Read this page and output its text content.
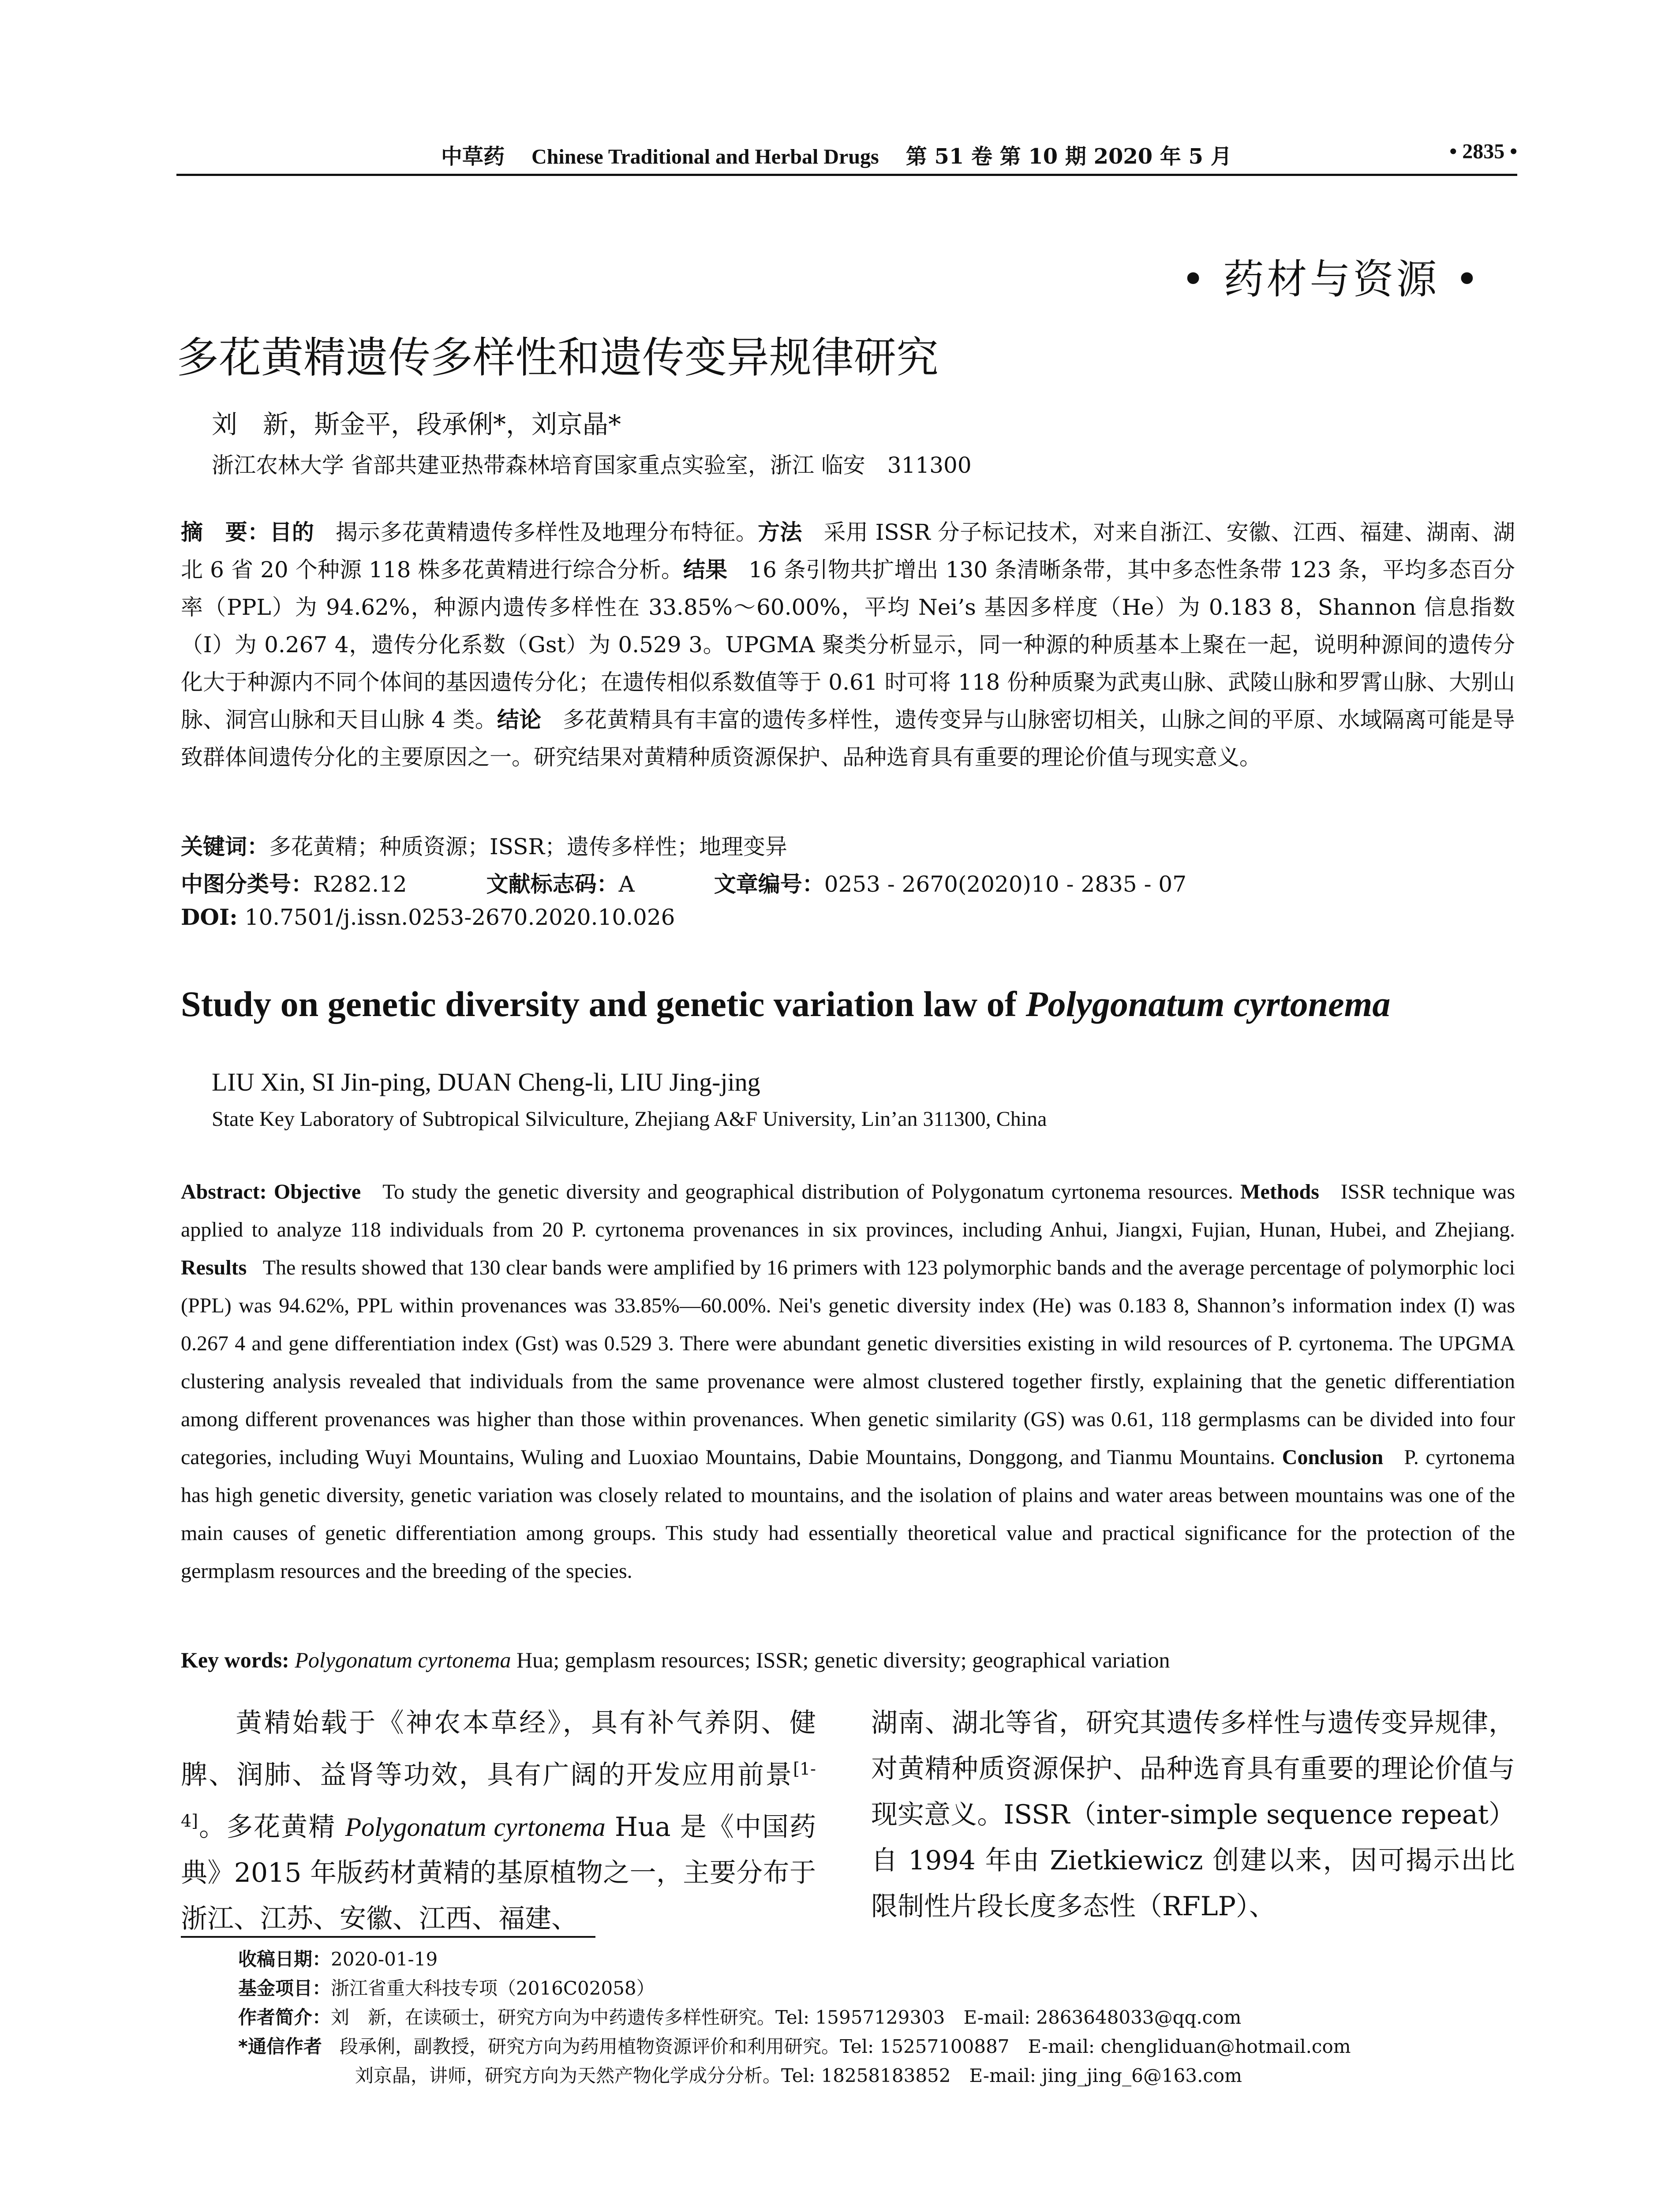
中草药 Chinese Traditional and Herbal Drugs 第 51 卷 第 10 期 2020 年 5 月	• 2835 •
• 药材与资源 •
多花黄精遗传多样性和遗传变异规律研究
刘　新，斯金平，段承俐*，刘京晶*
浙江农林大学 省部共建亚热带森林培育国家重点实验室，浙江 临安　311300
摘　要：目的 揭示多花黄精遗传多样性及地理分布特征。方法 采用 ISSR 分子标记技术，对来自浙江、安徽、江西、福建、湖南、湖北 6 省 20 个种源 118 株多花黄精进行综合分析。结果 16 条引物共扩增出 130 条清晰条带，其中多态性条带 123 条，平均多态百分率（PPL）为 94.62%，种源内遗传多样性在 33.85%～60.00%，平均 Nei’s 基因多样度（He）为 0.183 8，Shannon 信息指数（I）为 0.267 4，遗传分化系数（Gst）为 0.529 3。UPGMA 聚类分析显示，同一种源的种质基本上聚在一起，说明种源间的遗传分化大于种源内不同个体间的基因遗传分化；在遗传相似系数值等于 0.61 时可将 118 份种质聚为武夷山脉、武陵山脉和罗霄山脉、大别山脉、洞宫山脉和天目山脉 4 类。结论 多花黄精具有丰富的遗传多样性，遗传变异与山脉密切相关，山脉之间的平原、水域隔离可能是导致群体间遗传分化的主要原因之一。研究结果对黄精种质资源保护、品种选育具有重要的理论价值与现实意义。
关键词：多花黄精；种质资源；ISSR；遗传多样性；地理变异
中图分类号：R282.12	文献标志码：A	文章编号：0253 - 2670(2020)10 - 2835 - 07
DOI: 10.7501/j.issn.0253-2670.2020.10.026
Study on genetic diversity and genetic variation law of Polygonatum cyrtonema
LIU Xin, SI Jin-ping, DUAN Cheng-li, LIU Jing-jing
State Key Laboratory of Subtropical Silviculture, Zhejiang A&F University, Lin’an 311300, China
Abstract: Objective To study the genetic diversity and geographical distribution of Polygonatum cyrtonema resources. Methods ISSR technique was applied to analyze 118 individuals from 20 P. cyrtonema provenances in six provinces, including Anhui, Jiangxi, Fujian, Hunan, Hubei, and Zhejiang. Results The results showed that 130 clear bands were amplified by 16 primers with 123 polymorphic bands and the average percentage of polymorphic loci (PPL) was 94.62%, PPL within provenances was 33.85%—60.00%. Nei's genetic diversity index (He) was 0.183 8, Shannon’s information index (I) was 0.267 4 and gene differentiation index (Gst) was 0.529 3. There were abundant genetic diversities existing in wild resources of P. cyrtonema. The UPGMA clustering analysis revealed that individuals from the same provenance were almost clustered together firstly, explaining that the genetic differentiation among different provenances was higher than those within provenances. When genetic similarity (GS) was 0.61, 118 germplasms can be divided into four categories, including Wuyi Mountains, Wuling and Luoxiao Mountains, Dabie Mountains, Donggong, and Tianmu Mountains. Conclusion P. cyrtonema has high genetic diversity, genetic variation was closely related to mountains, and the isolation of plains and water areas between mountains was one of the main causes of genetic differentiation among groups. This study had essentially theoretical value and practical significance for the protection of the germplasm resources and the breeding of the species.
Key words: Polygonatum cyrtonema Hua; gemplasm resources; ISSR; genetic diversity; geographical variation
黄精始载于《神农本草经》，具有补气养阴、健脾、润肺、益肾等功效，具有广阔的开发应用前景[1-4]。多花黄精 Polygonatum cyrtonema Hua 是《中国药典》2015 年版药材黄精的基原植物之一，主要分布于浙江、江苏、安徽、江西、福建、
湖南、湖北等省，研究其遗传多样性与遗传变异规律，对黄精种质资源保护、品种选育具有重要的理论价值与现实意义。ISSR（inter-simple sequence repeat）自 1994 年由 Zietkiewicz 创建以来，因可揭示出比限制性片段长度多态性（RFLP）、
收稿日期：2020-01-19
基金项目：浙江省重大科技专项（2016C02058）
作者简介：刘　新，在读硕士，研究方向为中药遗传多样性研究。Tel: 15957129303　E-mail: 2863648033@qq.com
*通信作者 段承俐，副教授，研究方向为药用植物资源评价和利用研究。Tel: 15257100887　E-mail: chengliduan@hotmail.com
刘京晶，讲师，研究方向为天然产物化学成分分析。Tel: 18258183852　E-mail: jing_jing_6@163.com
